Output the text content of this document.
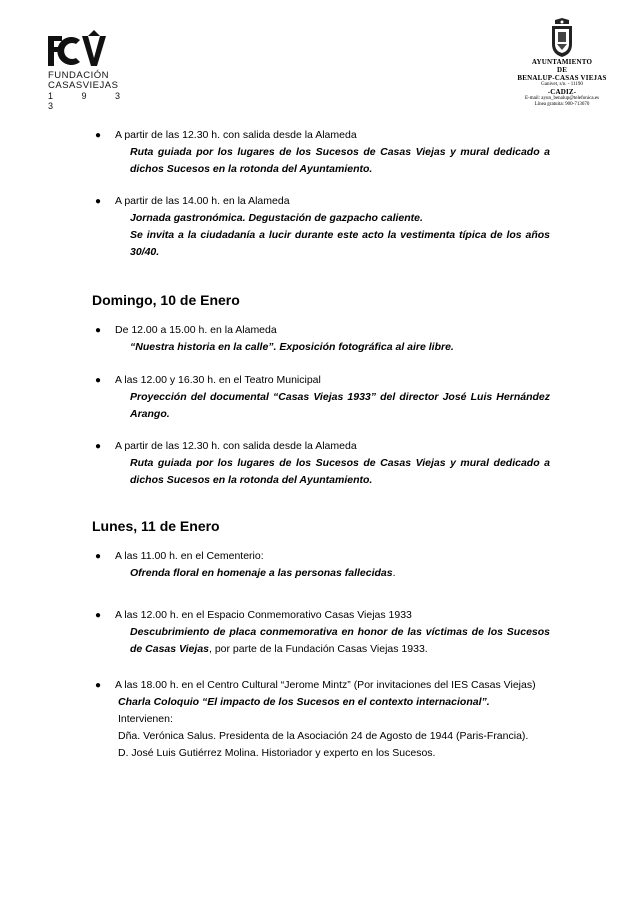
FUNDACIÓN
CASASVIEJAS
1 9 3 3
AYUNTAMIENTO
DE
BENALUP-CASAS VIEJAS
Ganivet, s/n. - 11190
-CADIZ-
E-mail: ayun_benalup@telefonica.es
Línea gratuita: 900-713670
● A partir de las 12.30 h. con salida desde la Alameda
Ruta guiada por los lugares de los Sucesos de Casas Viejas y mural dedicado a dichos Sucesos en la rotonda del Ayuntamiento.
● A partir de las 14.00 h. en la Alameda
Jornada gastronómica. Degustación de gazpacho caliente.
Se invita a la ciudadanía a lucir durante este acto la vestimenta típica de los años 30/40.
Domingo, 10 de Enero
● De 12.00 a 15.00 h. en la Alameda
“Nuestra historia en la calle”. Exposición fotográfica al aire libre.
● A las 12.00 y 16.30 h. en el Teatro Municipal
Proyección del documental “Casas Viejas 1933” del director José Luis Hernández Arango.
● A partir de las 12.30 h. con salida desde la Alameda
Ruta guiada por los lugares de los Sucesos de Casas Viejas y mural dedicado a dichos Sucesos en la rotonda del Ayuntamiento.
Lunes, 11 de Enero
● A las 11.00 h. en el Cementerio:
Ofrenda floral en homenaje a las personas fallecidas.
● A las 12.00 h. en el Espacio Conmemorativo Casas Viejas 1933
Descubrimiento de placa conmemorativa en honor de las víctimas de los Sucesos de Casas Viejas, por parte de la Fundación Casas Viejas 1933.
●	A las 18.00 h. en el Centro Cultural “Jerome Mintz” (Por invitaciones del IES Casas Viejas)
Charla Coloquio “El impacto de los Sucesos en el contexto internacional”.
Intervienen:
Dña. Verónica Salus. Presidenta de la Asociación 24 de Agosto de 1944 (Paris-Francia).
D. José Luis Gutiérrez Molina. Historiador y experto en los Sucesos.
